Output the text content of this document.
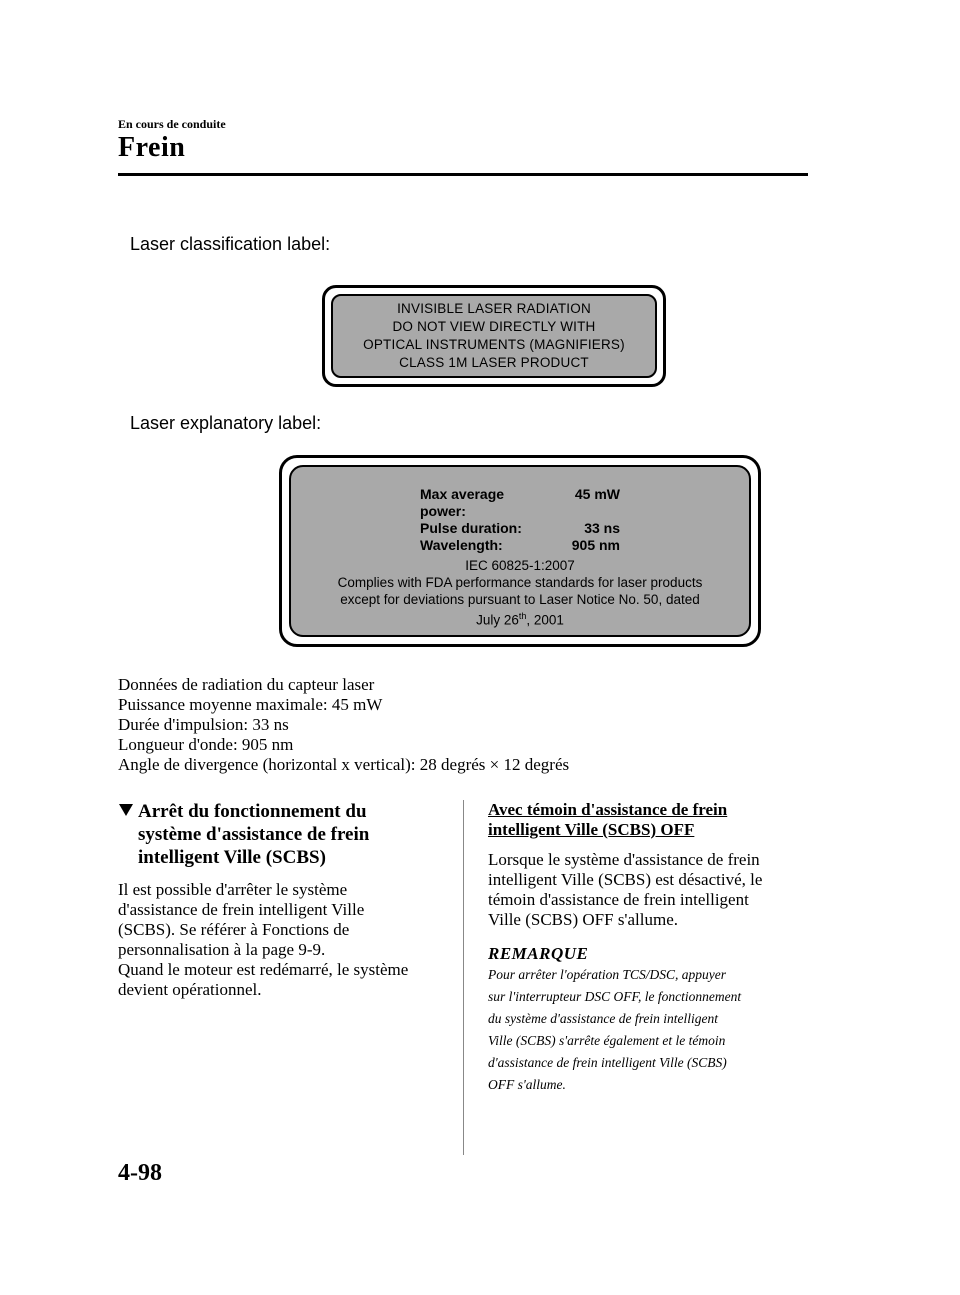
En cours de conduite
Frein
Laser classification label:
INVISIBLE LASER RADIATION
DO NOT VIEW DIRECTLY WITH
OPTICAL INSTRUMENTS (MAGNIFIERS)
CLASS 1M LASER PRODUCT
Laser explanatory label:
Max average power:
45 mW
Pulse duration:	33 ns
Wavelength:	905 nm
IEC 60825-1:2007
Complies with FDA performance standards for laser products
except for deviations pursuant to Laser Notice No. 50, dated
July 26th, 2001
Données de radiation du capteur laser
Puissance moyenne maximale: 45 mW
Durée d'impulsion: 33 ns
Longueur d'onde: 905 nm
Angle de divergence (horizontal x vertical): 28 degrés × 12 degrés
Arrêt du fonctionnement du
système d'assistance de frein
intelligent Ville (SCBS)
Il est possible d'arrêter le système
d'assistance de frein intelligent Ville
(SCBS). Se référer à Fonctions de
personnalisation à la page 9-9.
Quand le moteur est redémarré, le système
devient opérationnel.
Avec témoin d'assistance de frein
intelligent Ville (SCBS) OFF
Lorsque le système d'assistance de frein
intelligent Ville (SCBS) est désactivé, le
témoin d'assistance de frein intelligent
Ville (SCBS) OFF s'allume.
REMARQUE
Pour arrêter l'opération TCS/DSC, appuyer
sur l'interrupteur DSC OFF, le fonctionnement
du système d'assistance de frein intelligent
Ville (SCBS) s'arrête également et le témoin
d'assistance de frein intelligent Ville (SCBS)
OFF s'allume.
4-98
